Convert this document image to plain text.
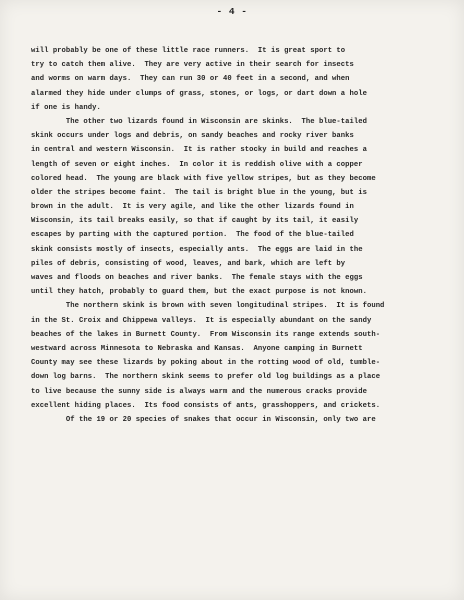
- 4 -
will probably be one of these little race runners.  It is great sport to
try to catch them alive.  They are very active in their search for insects
and worms on warm days.  They can run 30 or 40 feet in a second, and when
alarmed they hide under clumps of grass, stones, or logs, or dart down a hole
if one is handy.
The other two lizards found in Wisconsin are skinks.  The blue-tailed
skink occurs under logs and debris, on sandy beaches and rocky river banks
in central and western Wisconsin.  It is rather stocky in build and reaches a
length of seven or eight inches.  In color it is reddish olive with a copper
colored head.  The young are black with five yellow stripes, but as they become
older the stripes become faint.  The tail is bright blue in the young, but is
brown in the adult.  It is very agile, and like the other lizards found in
Wisconsin, its tail breaks easily, so that if caught by its tail, it easily
escapes by parting with the captured portion.  The food of the blue-tailed
skink consists mostly of insects, especially ants.  The eggs are laid in the
piles of debris, consisting of wood, leaves, and bark, which are left by
waves and floods on beaches and river banks.  The female stays with the eggs
until they hatch, probably to guard them, but the exact purpose is not known.
The northern skink is brown with seven longitudinal stripes.  It is found
in the St. Croix and Chippewa valleys.  It is especially abundant on the sandy
beaches of the lakes in Burnett County.  From Wisconsin its range extends south-
westward across Minnesota to Nebraska and Kansas.  Anyone camping in Burnett
County may see these lizards by poking about in the rotting wood of old, tumble-
down log barns.  The northern skink seems to prefer old log buildings as a place
to live because the sunny side is always warm and the numerous cracks provide
excellent hiding places.  Its food consists of ants, grasshoppers, and crickets.
Of the 19 or 20 species of snakes that occur in Wisconsin, only two are
